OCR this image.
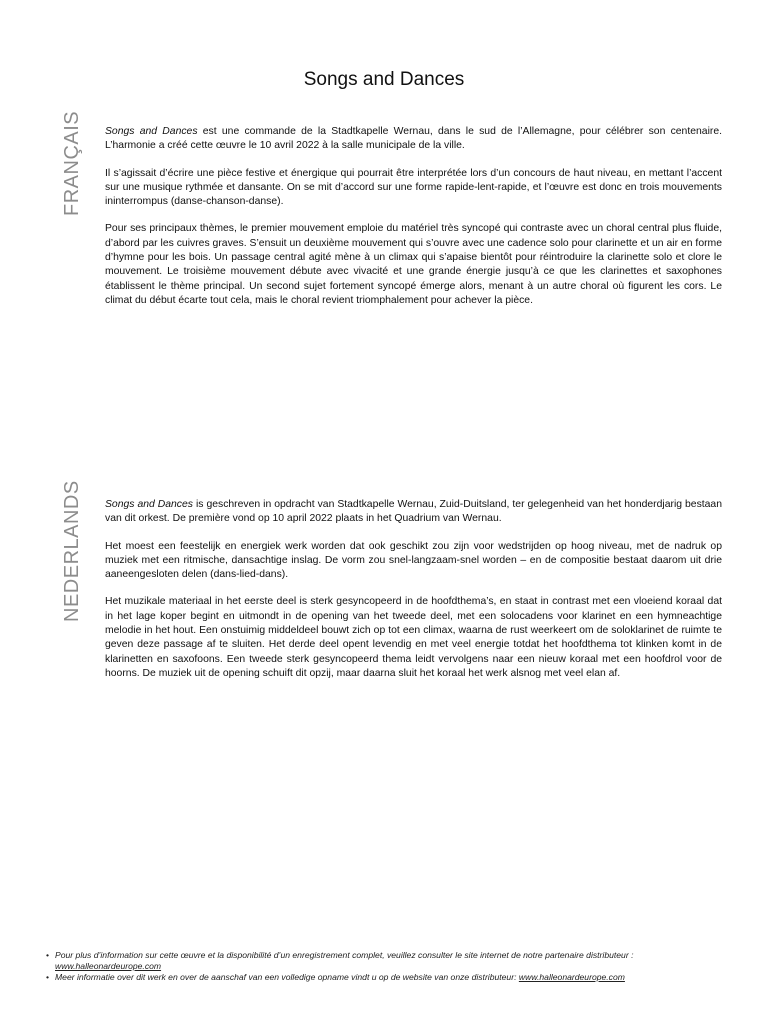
Songs and Dances
FRANÇAIS Songs and Dances est une commande de la Stadtkapelle Wernau, dans le sud de l’Allemagne, pour célébrer son centenaire. L’harmonie a créé cette œuvre le 10 avril 2022 à la salle municipale de la ville.

Il s’agissait d’écrire une pièce festive et énergique qui pourrait être interprétée lors d’un concours de haut niveau, en mettant l’accent sur une musique rythmée et dansante. On se mit d’accord sur une forme rapide-lent-rapide, et l’œuvre est donc en trois mouvements ininterrompus (danse-chanson-danse).

Pour ses principaux thèmes, le premier mouvement emploie du matériel très syncopé qui contraste avec un choral central plus fluide, d’abord par les cuivres graves. S’ensuit un deuxième mouvement qui s’ouvre avec une cadence solo pour clarinette et un air en forme d’hymne pour les bois. Un passage central agité mène à un climax qui s’apaise bientôt pour réintroduire la clarinette solo et clore le mouvement. Le troisième mouvement débute avec vivacité et une grande énergie jusqu’à ce que les clarinettes et saxophones établissent le thème principal. Un second sujet fortement syncopé émerge alors, menant à un autre choral où figurent les cors. Le climat du début écarte tout cela, mais le choral revient triomphalement pour achever la pièce.

NEDERLANDS Songs and Dances is geschreven in opdracht van Stadtkapelle Wernau, Zuid-Duitsland, ter gelegenheid van het honderdjarig bestaan van dit orkest. De première vond op 10 april 2022 plaats in het Quadrium van Wernau.

Het moest een feestelijk en energiek werk worden dat ook geschikt zou zijn voor wedstrijden op hoog niveau, met de nadruk op muziek met een ritmische, dansachtige inslag. De vorm zou snel-langzaam-snel worden – en de compositie bestaat daarom uit drie aaneengesloten delen (dans-lied-dans).

Het muzikale materiaal in het eerste deel is sterk gesyncopeerd in de hoofdthema’s, en staat in contrast met een vloeiend koraal dat in het lage koper begint en uitmondt in de opening van het tweede deel, met een solocadens voor klarinet en een hymneachtige melodie in het hout. Een onstuimig middeldeel bouwt zich op tot een climax, waarna de rust weerkeert om de soloklarinet de ruimte te geven deze passage af te sluiten. Het derde deel opent levendig en met veel energie totdat het hoofdthema tot klinken komt in de klarinetten en saxofoons. Een tweede sterk gesyncopeerd thema leidt vervolgens naar een nieuw koraal met een hoofdrol voor de hoorns. De muziek uit de opening schuift dit opzij, maar daarna sluit het koraal het werk alsnog met veel elan af.

• Pour plus d’information sur cette œuvre et la disponibilité d’un enregistrement complet, veuillez consulter le site internet de notre partenaire distributeur :
www.halleonardeurope.com
• Meer informatie over dit werk en over de aanschaf van een volledige opname vindt u op de website van onze distributeur: www.halleonardeurope.com
